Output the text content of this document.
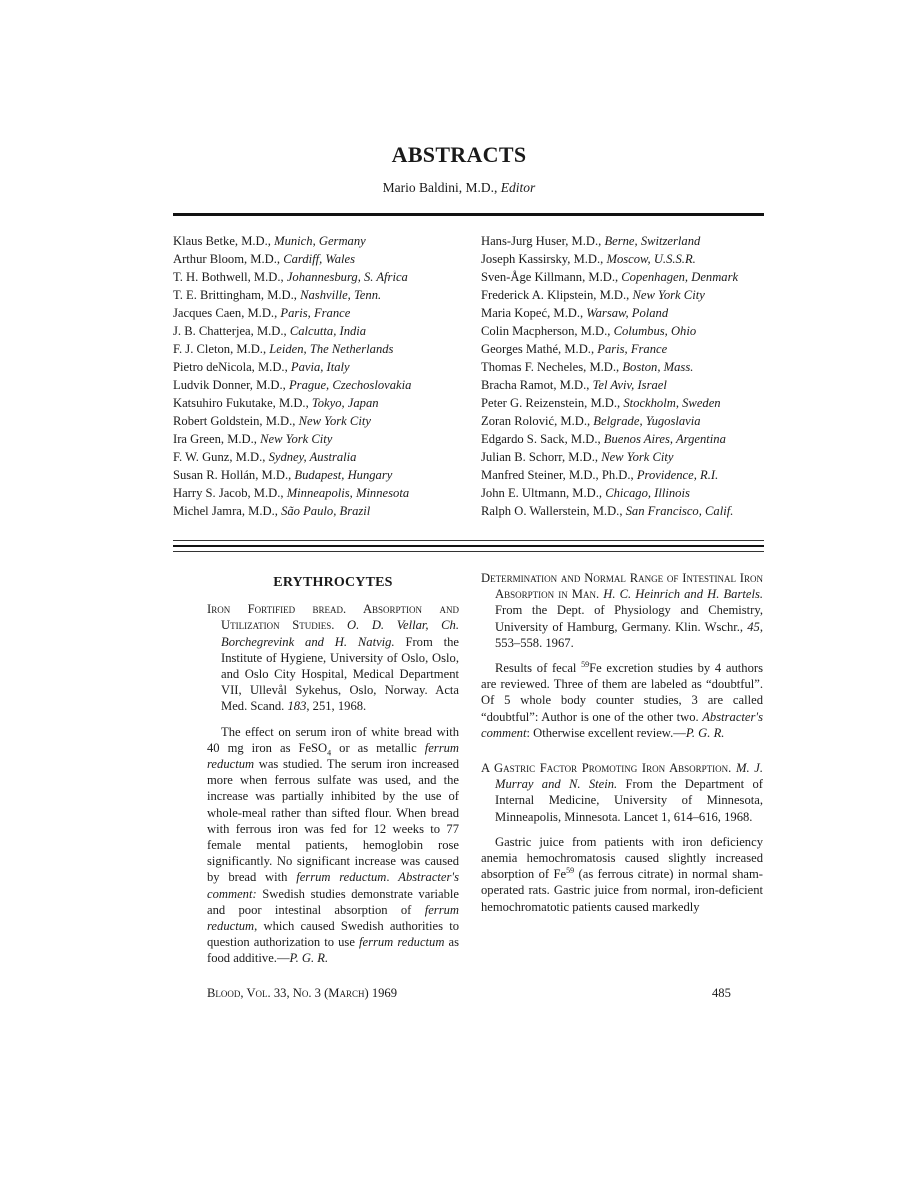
ABSTRACTS
Mario Baldini, M.D., Editor
Klaus Betke, M.D., Munich, Germany
Arthur Bloom, M.D., Cardiff, Wales
T. H. Bothwell, M.D., Johannesburg, S. Africa
T. E. Brittingham, M.D., Nashville, Tenn.
Jacques Caen, M.D., Paris, France
J. B. Chatterjea, M.D., Calcutta, India
F. J. Cleton, M.D., Leiden, The Netherlands
Pietro deNicola, M.D., Pavia, Italy
Ludvik Donner, M.D., Prague, Czechoslovakia
Katsuhiro Fukutake, M.D., Tokyo, Japan
Robert Goldstein, M.D., New York City
Ira Green, M.D., New York City
F. W. Gunz, M.D., Sydney, Australia
Susan R. Hollán, M.D., Budapest, Hungary
Harry S. Jacob, M.D., Minneapolis, Minnesota
Michel Jamra, M.D., São Paulo, Brazil
Hans-Jurg Huser, M.D., Berne, Switzerland
Joseph Kassirsky, M.D., Moscow, U.S.S.R.
Sven-Åge Killmann, M.D., Copenhagen, Denmark
Frederick A. Klipstein, M.D., New York City
Maria Kopeć, M.D., Warsaw, Poland
Colin Macpherson, M.D., Columbus, Ohio
Georges Mathé, M.D., Paris, France
Thomas F. Necheles, M.D., Boston, Mass.
Bracha Ramot, M.D., Tel Aviv, Israel
Peter G. Reizenstein, M.D., Stockholm, Sweden
Zoran Rolović, M.D., Belgrade, Yugoslavia
Edgardo S. Sack, M.D., Buenos Aires, Argentina
Julian B. Schorr, M.D., New York City
Manfred Steiner, M.D., Ph.D., Providence, R.I.
John E. Ultmann, M.D., Chicago, Illinois
Ralph O. Wallerstein, M.D., San Francisco, Calif.
ERYTHROCYTES
Iron Fortified bread. Absorption and Utilization Studies. O. D. Vellar, Ch. Borchegrevink and H. Natvig. From the Institute of Hygiene, University of Oslo, Oslo, and Oslo City Hospital, Medical Department VII, Ullevål Sykehus, Oslo, Norway. Acta Med. Scand. 183, 251, 1968.
The effect on serum iron of white bread with 40 mg iron as FeSO$_4$ or as metallic ferrum reductum was studied. The serum iron increased more when ferrous sulfate was used, and the increase was partially inhibited by the use of whole-meal rather than sifted flour. When bread with ferrous iron was fed for 12 weeks to 77 female mental patients, hemoglobin rose significantly. No significant increase was caused by bread with ferrum reductum. Abstracter's comment: Swedish studies demonstrate variable and poor intestinal absorption of ferrum reductum, which caused Swedish authorities to question authorization to use ferrum reductum as food additive.—P. G. R.
Determination and Normal Range of Intestinal Iron Absorption in Man. H. C. Heinrich and H. Bartels. From the Dept. of Physiology and Chemistry, University of Hamburg, Germany. Klin. Wschr., 45, 553–558. 1967.
Results of fecal $^{59}$Fe excretion studies by 4 authors are reviewed. Three of them are labeled as “doubtful”. Of 5 whole body counter studies, 3 are called “doubtful”: Author is one of the other two. Abstracter's comment: Otherwise excellent review.—P. G. R.
A Gastric Factor Promoting Iron Absorption. M. J. Murray and N. Stein. From the Department of Internal Medicine, University of Minnesota, Minneapolis, Minnesota. Lancet 1, 614–616, 1968.
Gastric juice from patients with iron deficiency anemia hemochromatosis caused slightly increased absorption of Fe$^{59}$ (as ferrous citrate) in normal sham-operated rats. Gastric juice from normal, iron-deficient hemochromatotic patients caused markedly
Blood, Vol. 33, No. 3 (March) 1969	485
